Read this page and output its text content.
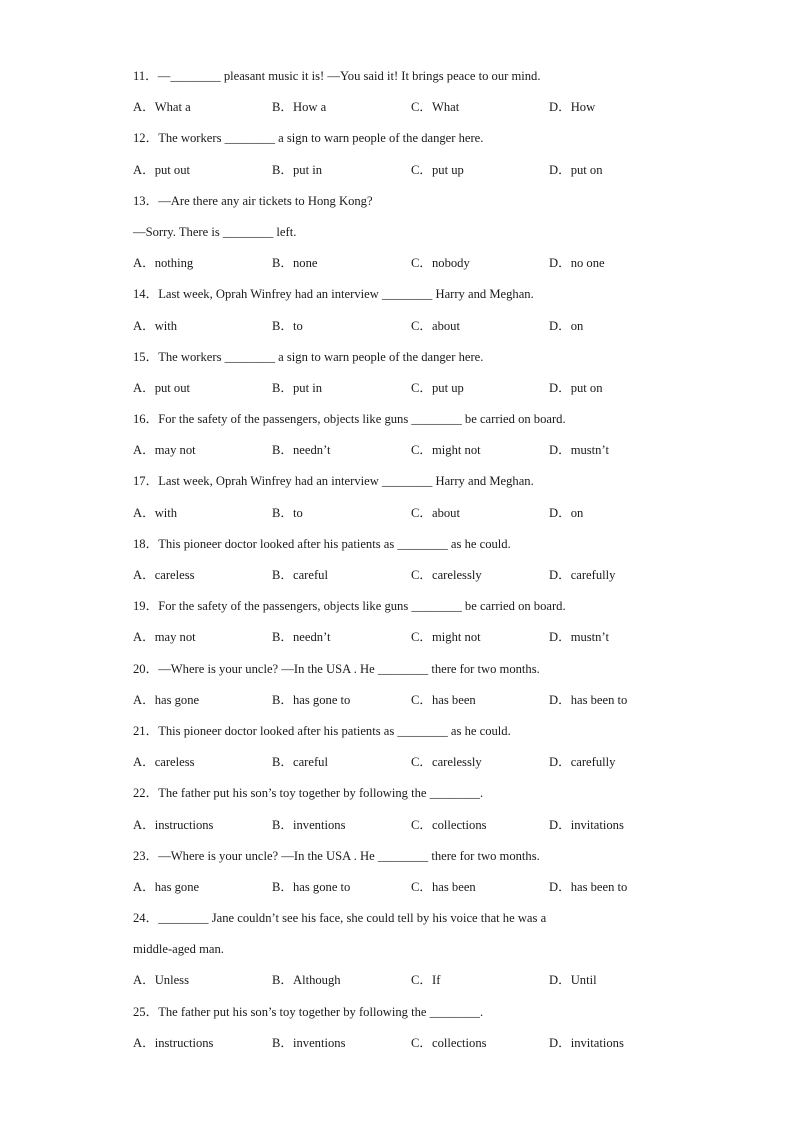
11．—________ pleasant music it is! —You said it! It brings peace to our mind.
A．What a	B．How a	C．What	D．How
12．The workers ________ a sign to warn people of the danger here.
A．put out	B．put in	C．put up	D．put on
13．—Are there any air tickets to Hong Kong?
—Sorry. There is ________ left.
A．nothing	B．none	C．nobody	D．no one
14．Last week, Oprah Winfrey had an interview ________ Harry and Meghan.
A．with	B．to	C．about	D．on
15．The workers ________ a sign to warn people of the danger here.
A．put out	B．put in	C．put up	D．put on
16．For the safety of the passengers, objects like guns ________ be carried on board.
A．may not	B．needn’t	C．might not	D．mustn’t
17．Last week, Oprah Winfrey had an interview ________ Harry and Meghan.
A．with	B．to	C．about	D．on
18．This pioneer doctor looked after his patients as ________ as he could.
A．careless	B．careful	C．carelessly	D．carefully
19．For the safety of the passengers, objects like guns ________ be carried on board.
A．may not	B．needn’t	C．might not	D．mustn’t
20．—Where is your uncle? —In the USA . He ________ there for two months.
A．has gone	B．has gone to	C．has been	D．has been to
21．This pioneer doctor looked after his patients as ________ as he could.
A．careless	B．careful	C．carelessly	D．carefully
22．The father put his son’s toy together by following the ________.
A．instructions	B．inventions	C．collections	D．invitations
23．—Where is your uncle? —In the USA . He ________ there for two months.
A．has gone	B．has gone to	C．has been	D．has been to
24．________ Jane couldn’t see his face, she could tell by his voice that he was a
middle-aged man.
A．Unless	B．Although	C．If	D．Until
25．The father put his son’s toy together by following the ________.
A．instructions	B．inventions	C．collections	D．invitations
